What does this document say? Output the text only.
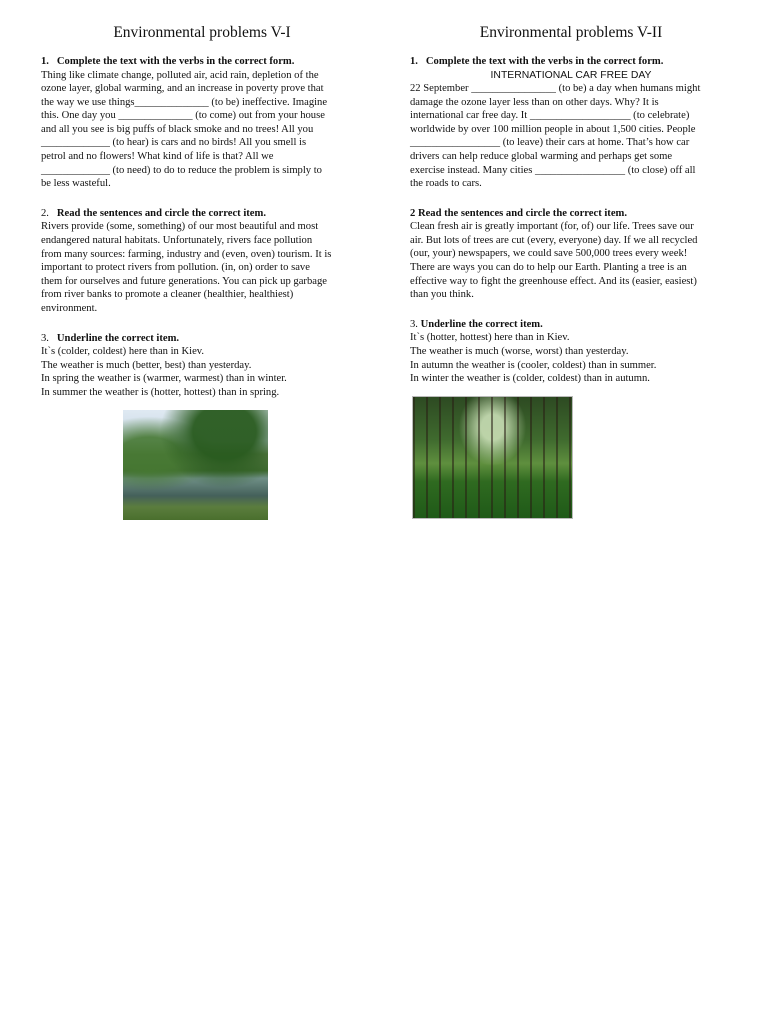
Environmental problems V-I
1. Complete the text with the verbs in the correct form.
Thing like climate change, polluted air, acid rain, depletion of the
ozone layer, global warming, and an increase in poverty prove that
the way we use things______________ (to be) ineffective. Imagine
this. One day you ______________ (to come) out from your house
and all you see is big puffs of black smoke and no trees! All you
_____________ (to hear) is cars and no birds! All you smell is
petrol and no flowers! What kind of life is that? All we
_____________ (to need) to do to reduce the problem is simply to
be less wasteful.
2. Read the sentences and circle the correct item.
Rivers provide (some, something) of our most beautiful and most
endangered natural habitats. Unfortunately, rivers face pollution
from many sources: farming, industry and (even, oven) tourism. It is
important to protect rivers from pollution. (in, on) order to save
them for ourselves and future generations. You can pick up garbage
from river banks to promote a cleaner (healthier, healthiest)
environment.
3. Underline the correct item.
It`s (colder, coldest) here than in Kiev.
The weather is much (better, best) than yesterday.
In spring the weather is (warmer, warmest) than in winter.
In summer the weather is (hotter, hottest) than in spring.
Environmental problems V-II
1. Complete the text with the verbs in the correct form.
INTERNATIONAL CAR FREE DAY
22 September ________________ (to be) a day when humans might
damage the ozone layer less than on other days. Why? It is
international car free day. It ___________________ (to celebrate)
worldwide by over 100 million people in about 1,500 cities. People
_________________ (to leave) their cars at home. That’s how car
drivers can help reduce global warming and perhaps get some
exercise instead. Many cities _________________ (to close) off all
the roads to cars.
2 Read the sentences and circle the correct item.
Clean fresh air is greatly important (for, of) our life. Trees save our
air. But lots of trees are cut (every, everyone) day. If we all recycled
(our, your) newspapers, we could save 500,000 trees every week!
There are ways you can do to help our Earth. Planting a tree is an
effective way to fight the greenhouse effect. And its (easier, easiest)
than you think.
3. Underline the correct item.
It`s (hotter, hottest) here than in Kiev.
The weather is much (worse, worst) than yesterday.
In autumn the weather is (cooler, coldest) than in summer.
In winter the weather is (colder, coldest) than in autumn.
